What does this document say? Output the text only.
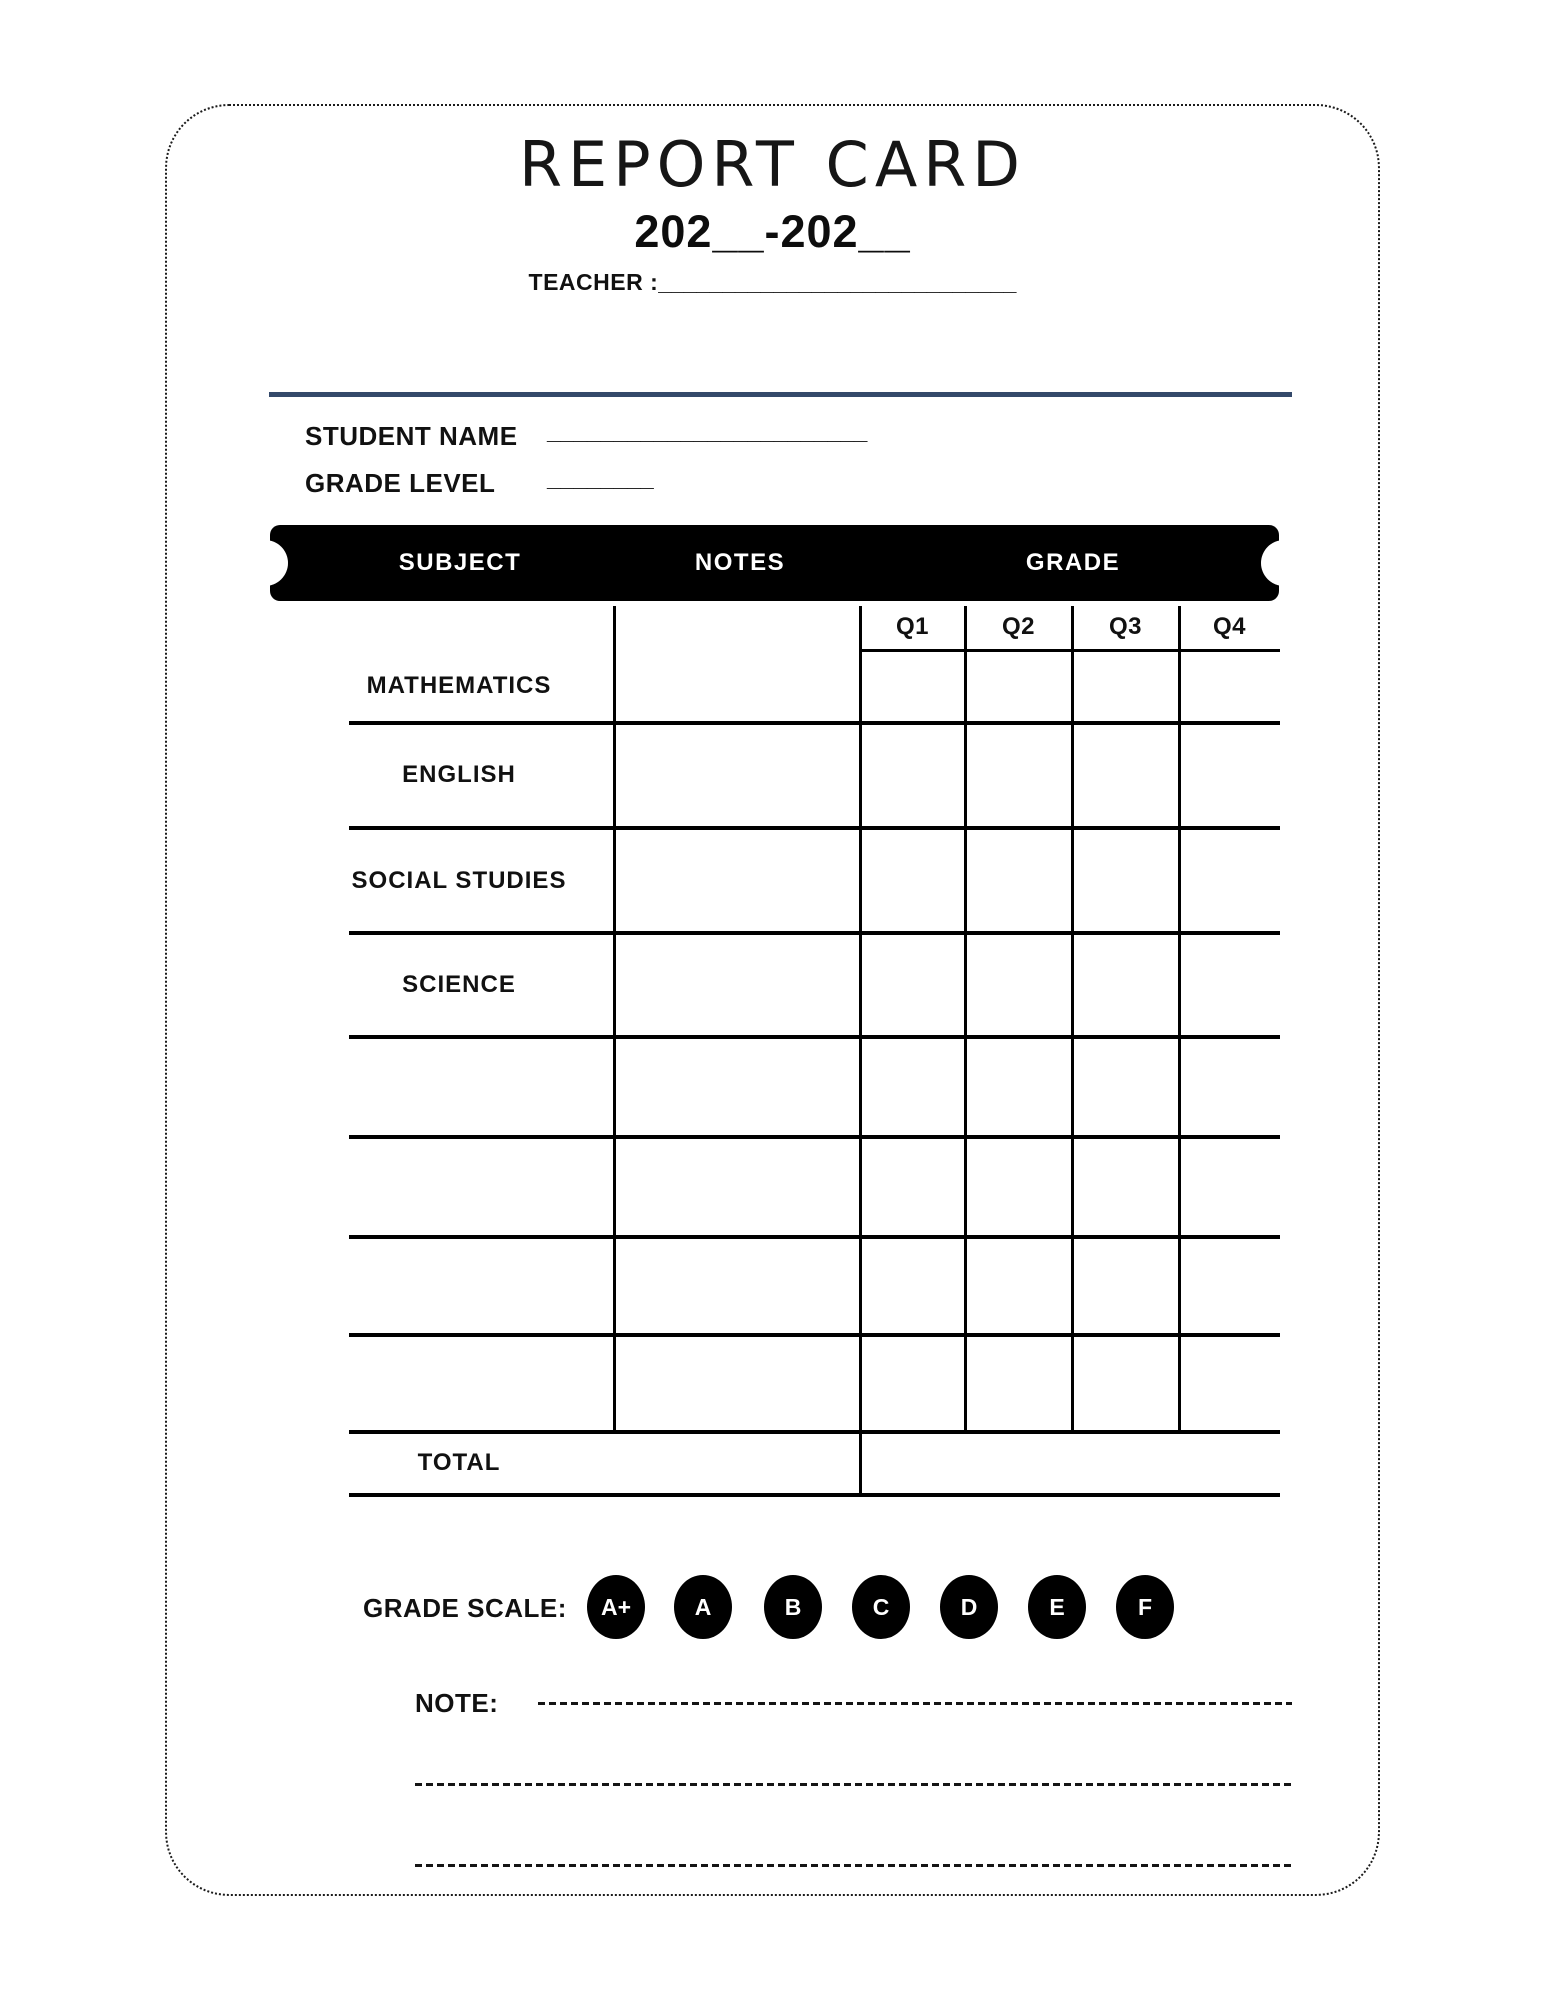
REPORT CARD
202__-202__
TEACHER :____________________________
STUDENT NAME ________________________
GRADE LEVEL ________
SUBJECT	NOTES	GRADE
Q1	Q2	Q3	Q4
MATHEMATICS
ENGLISH
SOCIAL STUDIES
SCIENCE
TOTAL
GRADE SCALE:	A+	A	B	C	D	E	F
NOTE:
